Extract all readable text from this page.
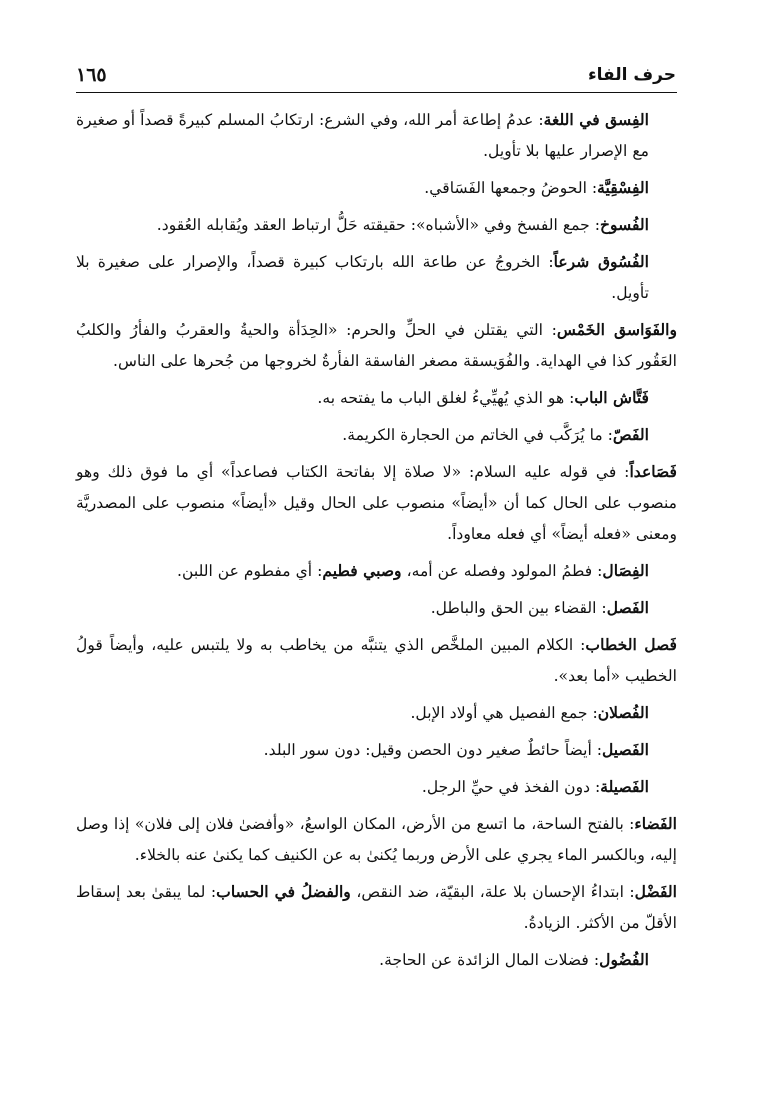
١٦٥	حرف الفاء

الفِسق في اللغة: عدمُ إطاعة أمر الله، وفي الشرع: ارتكابُ المسلم كبيرةً قصداً أو صغيرة مع الإصرار عليها بلا تأويل.

الفِسْقِيَّة: الحوضُ وجمعها الفَسَاقي.

الفُسوخ: جمع الفسخ وفي «الأشباه»: حقيقته حَلُّ ارتباط العقد ويُقابله العُقود.

الفُسُوق شرعاً: الخروجُ عن طاعة الله بارتكاب كبيرة قصداً، والإصرار على صغيرة بلا تأويل.

والفَوَاسق الخَمْس: التي يقتلن في الحلِّ والحرم: «الحِدَأة والحيةُ والعقربُ والفأرُ والكلبُ العَقُور كذا في الهداية. والفُوَيسقة مصغر الفاسقة الفأرةُ لخروجها من جُحرها على الناس.

فَتَّاش الباب: هو الذي يُهيِّيءُ لغلق الباب ما يفتحه به.

الفَصّ: ما يُرَكَّب في الخاتم من الحجارة الكريمة.

فَصَاعداً: في قوله عليه السلام: «لا صلاة إلا بفاتحة الكتاب فصاعداً» أي ما فوق ذلك وهو منصوب على الحال كما أن «أيضاً» منصوب على الحال وقيل «أيضاً» منصوب على المصدريَّة ومعنى «فعله أيضاً» أي فعله معاوداً.

الفِصَال: فطمُ المولود وفصله عن أمه، وصبي فطيم: أي مفطوم عن اللبن.

الفَصل: القضاء بين الحق والباطل.

فَصل الخطاب: الكلام المبين الملخَّص الذي يتنبَّه من يخاطب به ولا يلتبس عليه، وأيضاً قولُ الخطيب «أما بعد».

الفُصلان: جمع الفصيل هي أولاد الإبل.

الفَصيل: أيضاً حائطٌ صغير دون الحصن وقيل: دون سور البلد.

الفَصيلة: دون الفخذ في حيِّ الرجل.

الفَضاء: بالفتح الساحة، ما اتسع من الأرض، المكان الواسعُ، «وأفضىٰ فلان إلى فلان» إذا وصل إليه، وبالكسر الماء يجري على الأرض وربما يُكنىٰ به عن الكنيف كما يكنىٰ عنه بالخلاء.

الفَضْل: ابتداءُ الإحسان بلا علة، البقيّة، ضد النقص، والفضلُ في الحساب: لما يبقىٰ بعد إسقاط الأقلّ من الأكثر. الزيادةُ.

الفُضُول: فضلات المال الزائدة عن الحاجة.
